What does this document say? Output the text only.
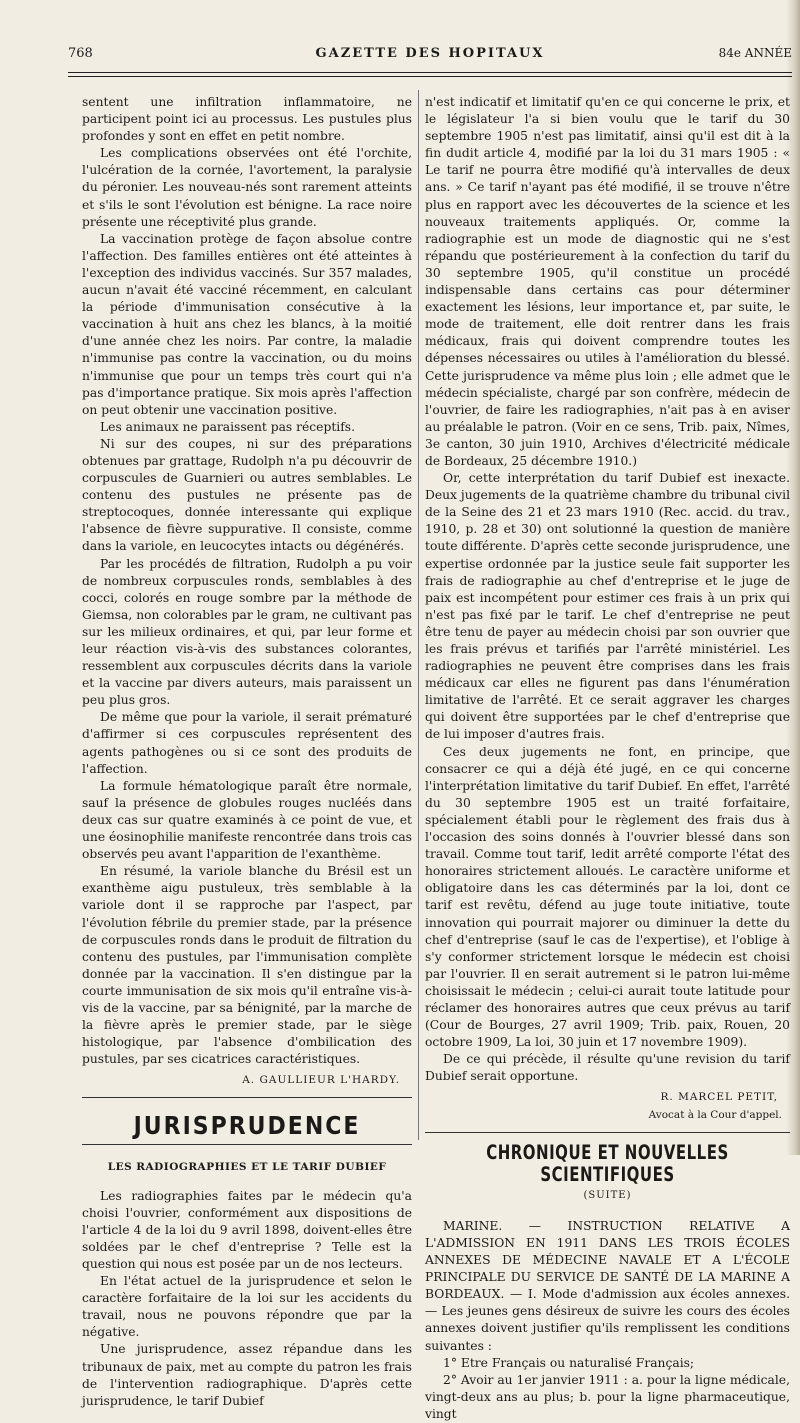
768	GAZETTE DES HOPITAUX	84e ANNÉE

sentent une infiltration inflammatoire, ne participent point ici au processus. Les pustules plus profondes y sont en effet en petit nombre.

Les complications observées ont été l'orchite, l'ulcération de la cornée, l'avortement, la paralysie du péronier. Les nouveau-nés sont rarement atteints et s'ils le sont l'évolution est bénigne. La race noire présente une réceptivité plus grande.

La vaccination protège de façon absolue contre l'affection. Des familles entières ont été atteintes à l'exception des individus vaccinés. Sur 357 malades, aucun n'avait été vacciné récemment, en calculant la période d'immunisation consécutive à la vaccination à huit ans chez les blancs, à la moitié d'une année chez les noirs. Par contre, la maladie n'immunise pas contre la vaccination, ou du moins n'immunise que pour un temps très court qui n'a pas d'importance pratique. Six mois après l'affection on peut obtenir une vaccination positive.

Les animaux ne paraissent pas réceptifs.

Ni sur des coupes, ni sur des préparations obtenues par grattage, Rudolph n'a pu découvrir de corpuscules de Guarnieri ou autres semblables. Le contenu des pustules ne présente pas de streptocoques, donnée interessante qui explique l'absence de fièvre suppurative. Il consiste, comme dans la variole, en leucocytes intacts ou dégénérés.

Par les procédés de filtration, Rudolph a pu voir de nombreux corpuscules ronds, semblables à des cocci, colorés en rouge sombre par la méthode de Giemsa, non colorables par le gram, ne cultivant pas sur les milieux ordinaires, et qui, par leur forme et leur réaction vis-à-vis des substances colorantes, ressemblent aux corpuscules décrits dans la variole et la vaccine par divers auteurs, mais paraissent un peu plus gros.

De même que pour la variole, il serait prématuré d'affirmer si ces corpuscules représentent des agents pathogènes ou si ce sont des produits de l'affection.

La formule hématologique paraît être normale, sauf la présence de globules rouges nucléés dans deux cas sur quatre examinés à ce point de vue, et une éosinophilie manifeste rencontrée dans trois cas observés peu avant l'apparition de l'exanthème.

En résumé, la variole blanche du Brésil est un exanthème aigu pustuleux, très semblable à la variole dont il se rapproche par l'aspect, par l'évolution fébrile du premier stade, par la présence de corpuscules ronds dans le produit de filtration du contenu des pustules, par l'immunisation complète donnée par la vaccination. Il s'en distingue par la courte immunisation de six mois qu'il entraîne vis-à-vis de la vaccine, par sa bénignité, par la marche de la fièvre après le premier stade, par le siège histologique, par l'absence d'ombilication des pustules, par ses cicatrices caractéristiques.

A. GAULLIEUR L'HARDY.
JURISPRUDENCE
LES RADIOGRAPHIES ET LE TARIF DUBIEF

Les radiographies faites par le médecin qu'a choisi l'ouvrier, conformément aux dispositions de l'article 4 de la loi du 9 avril 1898, doivent-elles être soldées par le chef d'entreprise ? Telle est la question qui nous est posée par un de nos lecteurs.

En l'état actuel de la jurisprudence et selon le caractère forfaitaire de la loi sur les accidents du travail, nous ne pouvons répondre que par la négative.

Une jurisprudence, assez répandue dans les tribunaux de paix, met au compte du patron les frais de l'intervention radiographique. D'après cette jurisprudence, le tarif Dubief

n'est indicatif et limitatif qu'en ce qui concerne le prix, et le législateur l'a si bien voulu que le tarif du 30 septembre 1905 n'est pas limitatif, ainsi qu'il est dit à la fin dudit article 4, modifié par la loi du 31 mars 1905 : « Le tarif ne pourra être modifié qu'à intervalles de deux ans. » Ce tarif n'ayant pas été modifié, il se trouve n'être plus en rapport avec les découvertes de la science et les nouveaux traitements appliqués. Or, comme la radiographie est un mode de diagnostic qui ne s'est répandu que postérieurement à la confection du tarif du 30 septembre 1905, qu'il constitue un procédé indispensable dans certains cas pour déterminer exactement les lésions, leur importance et, par suite, le mode de traitement, elle doit rentrer dans les frais médicaux, frais qui doivent comprendre toutes les dépenses nécessaires ou utiles à l'amélioration du blessé. Cette jurisprudence va même plus loin ; elle admet que le médecin spécialiste, chargé par son confrère, médecin de l'ouvrier, de faire les radiographies, n'ait pas à en aviser au préalable le patron. (Voir en ce sens, Trib. paix, Nîmes, 3e canton, 30 juin 1910, Archives d'électricité médicale de Bordeaux, 25 décembre 1910.)

Or, cette interprétation du tarif Dubief est inexacte. Deux jugements de la quatrième chambre du tribunal civil de la Seine des 21 et 23 mars 1910 (Rec. accid. du trav., 1910, p. 28 et 30) ont solutionné la question de manière toute différente. D'après cette seconde jurisprudence, une expertise ordonnée par la justice seule fait supporter les frais de radiographie au chef d'entreprise et le juge de paix est incompétent pour estimer ces frais à un prix qui n'est pas fixé par le tarif. Le chef d'entreprise ne peut être tenu de payer au médecin choisi par son ouvrier que les frais prévus et tarifiés par l'arrêté ministériel. Les radiographies ne peuvent être comprises dans les frais médicaux car elles ne figurent pas dans l'énumération limitative de l'arrêté. Et ce serait aggraver les charges qui doivent être supportées par le chef d'entreprise que de lui imposer d'autres frais.

Ces deux jugements ne font, en principe, que consacrer ce qui a déjà été jugé, en ce qui concerne l'interprétation limitative du tarif Dubief. En effet, l'arrêté du 30 septembre 1905 est un traité forfaitaire, spécialement établi pour le règlement des frais dus à l'occasion des soins donnés à l'ouvrier blessé dans son travail. Comme tout tarif, ledit arrêté comporte l'état des honoraires strictement alloués. Le caractère uniforme et obligatoire dans les cas déterminés par la loi, dont ce tarif est revêtu, défend au juge toute initiative, toute innovation qui pourrait majorer ou diminuer la dette du chef d'entreprise (sauf le cas de l'expertise), et l'oblige à s'y conformer strictement lorsque le médecin est choisi par l'ouvrier. Il en serait autrement si le patron lui-même choisissait le médecin ; celui-ci aurait toute latitude pour réclamer des honoraires autres que ceux prévus au tarif (Cour de Bourges, 27 avril 1909; Trib. paix, Rouen, 20 octobre 1909, La loi, 30 juin et 17 novembre 1909).

De ce qui précède, il résulte qu'une revision du tarif Dubief serait opportune.

R. MARCEL PETIT,
Avocat à la Cour d'appel.
CHRONIQUE ET NOUVELLES SCIENTIFIQUES
(SUITE)

MARINE. — INSTRUCTION RELATIVE A L'ADMISSION EN 1911 DANS LES TROIS ÉCOLES ANNEXES DE MÉDECINE NAVALE ET A L'ÉCOLE PRINCIPALE DU SERVICE DE SANTÉ DE LA MARINE A BORDEAUX. — I. Mode d'admission aux écoles annexes. — Les jeunes gens désireux de suivre les cours des écoles annexes doivent justifier qu'ils remplissent les conditions suivantes :

1° Etre Français ou naturalisé Français;

2° Avoir au 1er janvier 1911 : a. pour la ligne médicale, vingt-deux ans au plus; b. pour la ligne pharmaceutique, vingt
